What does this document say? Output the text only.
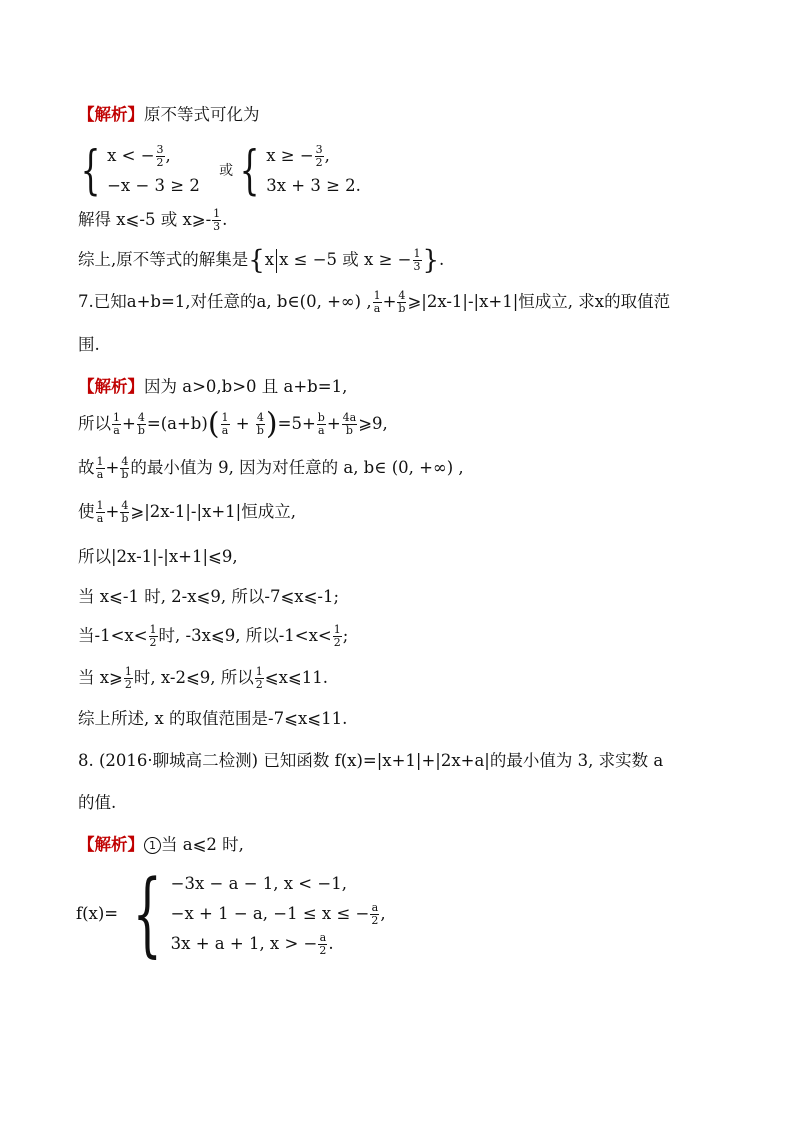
【解析】原不等式可化为
{ x < − $\frac{3}{2}$ ,
−x − 3 ≥ 2
或 { x ≥ − $\frac{3}{2}$ ,
3x + 3 ≥ 2.
解得 x⩽-5 或 x⩾- $\frac{1}{3}$ .
综上,原不等式的解集是{x x ≤ −5 或 x ≥ − $\frac{1}{3}$ }.
7.已知a+b=1,对任意的a, b∈(0, +∞) , $\frac{1}{a} + \frac{4}{b}$ ⩾|2x-1|-|x+1|恒成立, 求x的取值范
围.
【解析】因为 a>0,b>0 且 a+b=1,
所以 $\frac{1}{a} + \frac{4}{b} =(a+b)( \frac{1}{a} + \frac{4}{b} )=5+ \frac{b}{a} + \frac{4a}{b}$ ⩾9,
故 $\frac{1}{a} + \frac{4}{b}$ 的最小值为 9, 因为对任意的 a, b∈ (0, +∞) ,
使 $\frac{1}{a} + \frac{4}{b}$ ⩾|2x-1|-|x+1|恒成立,
所以|2x-1|-|x+1|⩽9,
当 x⩽-1 时, 2-x⩽9, 所以-7⩽x⩽-1;
当$-1<x< \frac{1}{2}$ 时, -3x⩽9, 所以$-1<x< \frac{1}{2}$ ;
当 x⩾ $\frac{1}{2}$ 时, x-2⩽9, 所以 $\frac{1}{2}$ ⩽x⩽11.
综上所述, x 的取值范围是-7⩽x⩽11.
8. (2016·聊城高二检测) 已知函数 f(x)=|x+1|+|2x+a|的最小值为 3, 求实数 a
的值.
【解析】 1 当 a⩽2 时,
f(x)= { −3x − a − 1, x < −1,
−x + 1 − a, −1 ≤ x ≤ − $\frac{a}{2}$ ,
3x + a + 1, x > − $\frac{a}{2}$ .
